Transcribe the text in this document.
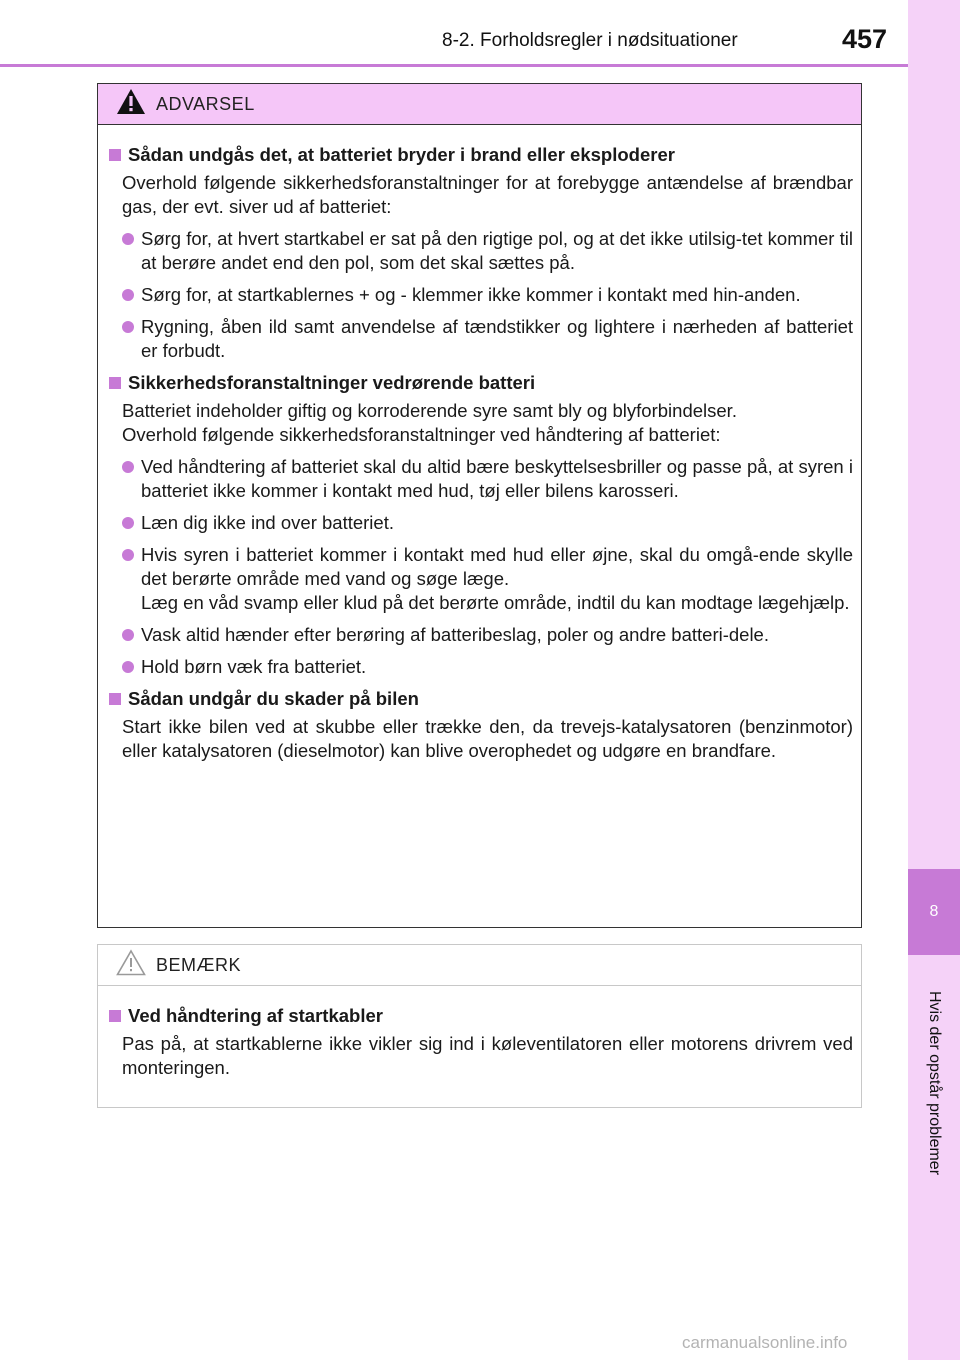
8-2. Forholdsregler i nødsituationer	457
8
Hvis der opstår problemer
ADVARSEL
Sådan undgås det, at batteriet bryder i brand eller eksploderer
Overhold følgende sikkerhedsforanstaltninger for at forebygge antændelse af brændbar gas, der evt. siver ud af batteriet:
Sørg for, at hvert startkabel er sat på den rigtige pol, og at det ikke utilsig-tet kommer til at berøre andet end den pol, som det skal sættes på.
Sørg for, at startkablernes + og - klemmer ikke kommer i kontakt med hin-anden.
Rygning, åben ild samt anvendelse af tændstikker og lightere i nærheden af batteriet er forbudt.
Sikkerhedsforanstaltninger vedrørende batteri
Batteriet indeholder giftig og korroderende syre samt bly og blyforbindelser.
Overhold følgende sikkerhedsforanstaltninger ved håndtering af batteriet:
Ved håndtering af batteriet skal du altid bære beskyttelsesbriller og passe på, at syren i batteriet ikke kommer i kontakt med hud, tøj eller bilens karosseri.
Læn dig ikke ind over batteriet.
Hvis syren i batteriet kommer i kontakt med hud eller øjne, skal du omgå-ende skylle det berørte område med vand og søge læge.
Læg en våd svamp eller klud på det berørte område, indtil du kan modtage lægehjælp.
Vask altid hænder efter berøring af batteribeslag, poler og andre batteri-dele.
Hold børn væk fra batteriet.
Sådan undgår du skader på bilen
Start ikke bilen ved at skubbe eller trække den, da trevejs-katalysatoren (benzinmotor) eller katalysatoren (dieselmotor) kan blive overophedet og udgøre en brandfare.
BEMÆRK
Ved håndtering af startkabler
Pas på, at startkablerne ikke vikler sig ind i køleventilatoren eller motorens drivrem ved monteringen.
carmanualsonline.info
